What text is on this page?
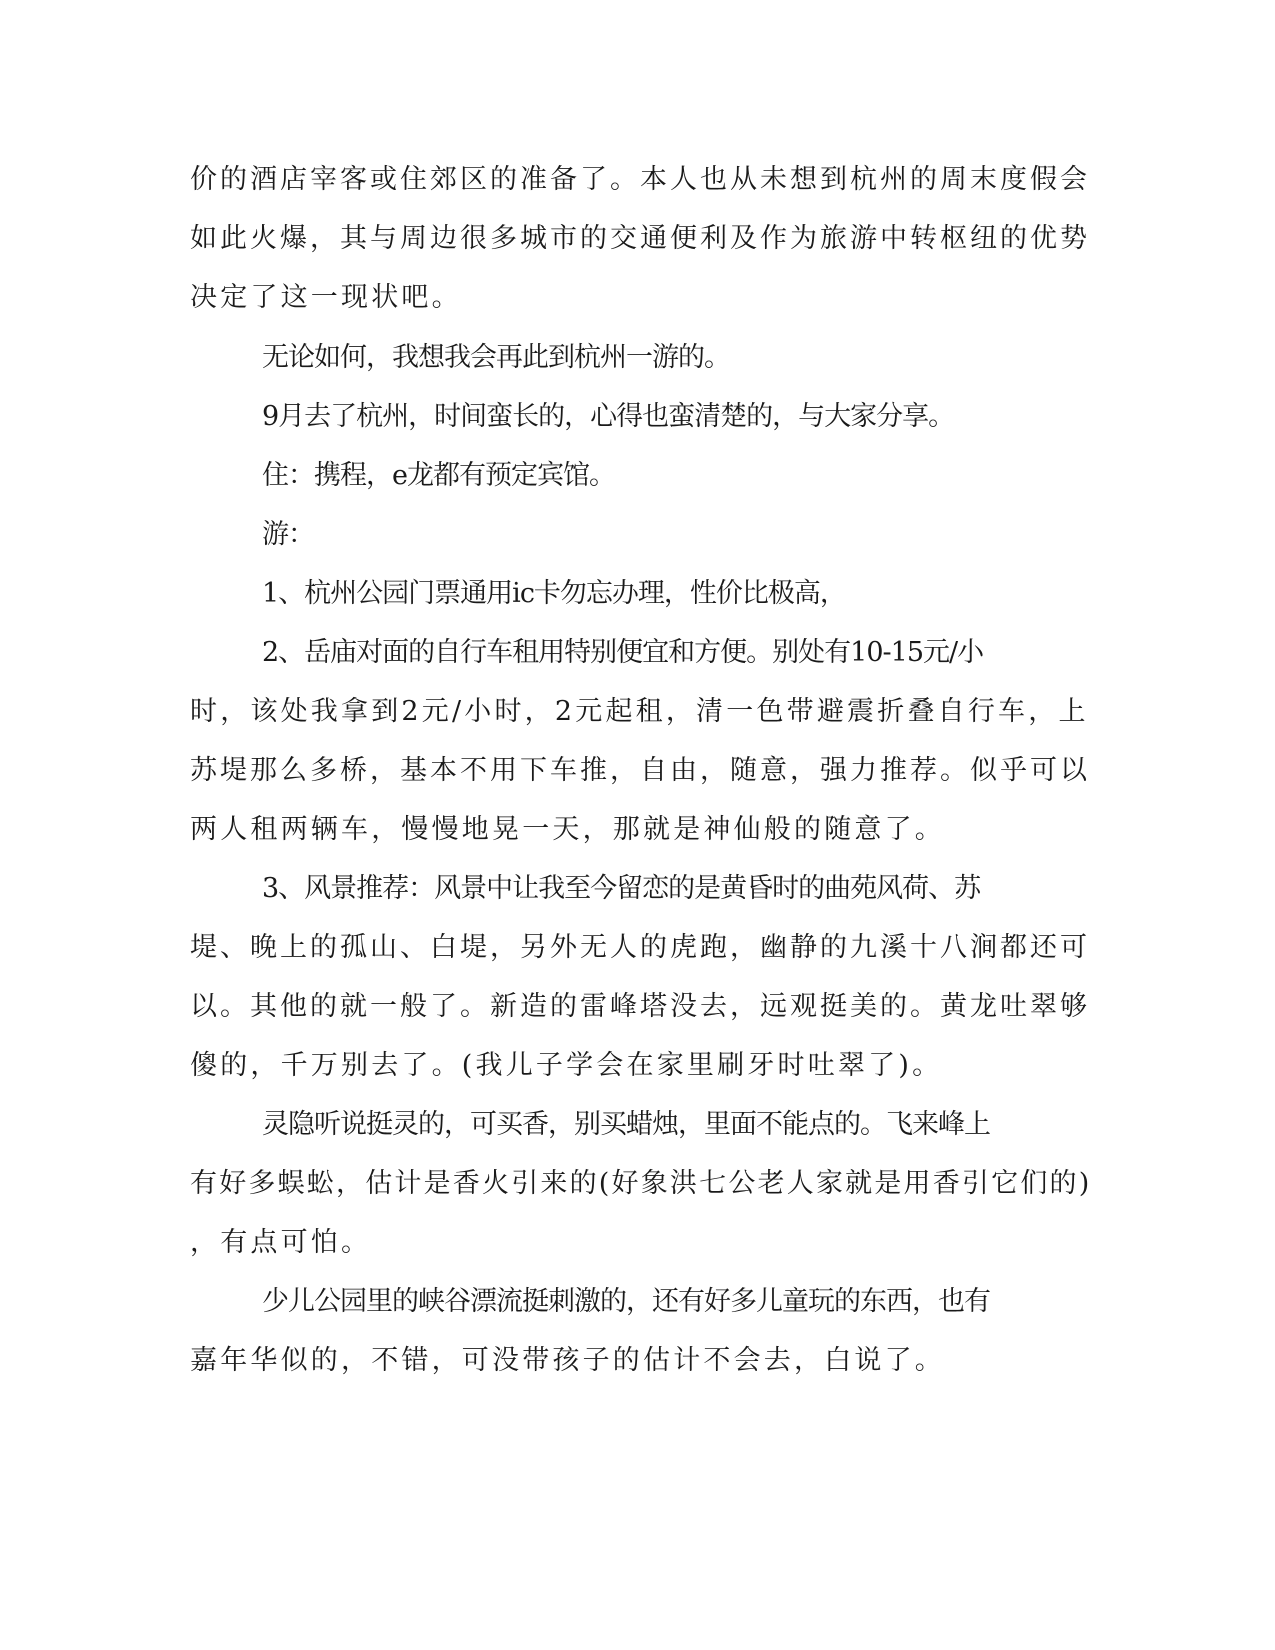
价的酒店宰客或住郊区的准备了。本人也从未想到杭州的周末度假会
如此火爆，其与周边很多城市的交通便利及作为旅游中转枢纽的优势
决定了这一现状吧。
无论如何，我想我会再此到杭州一游的。
9月去了杭州，时间蛮长的，心得也蛮清楚的，与大家分享。
住：携程，e龙都有预定宾馆。
游：
1、杭州公园门票通用ic卡勿忘办理，性价比极高，
2、岳庙对面的自行车租用特别便宜和方便。别处有10-15元/小
时，该处我拿到2元/小时，2元起租，清一色带避震折叠自行车，上
苏堤那么多桥，基本不用下车推，自由，随意，强力推荐。似乎可以
两人租两辆车，慢慢地晃一天，那就是神仙般的随意了。
3、风景推荐：风景中让我至今留恋的是黄昏时的曲苑风荷、苏
堤、晚上的孤山、白堤，另外无人的虎跑，幽静的九溪十八涧都还可
以。其他的就一般了。新造的雷峰塔没去，远观挺美的。黄龙吐翠够
傻的，千万别去了。(我儿子学会在家里刷牙时吐翠了)。
灵隐听说挺灵的，可买香，别买蜡烛，里面不能点的。飞来峰上
有好多蜈蚣，估计是香火引来的(好象洪七公老人家就是用香引它们的)
，有点可怕。
少儿公园里的峡谷漂流挺刺激的，还有好多儿童玩的东西，也有
嘉年华似的，不错，可没带孩子的估计不会去，白说了。
